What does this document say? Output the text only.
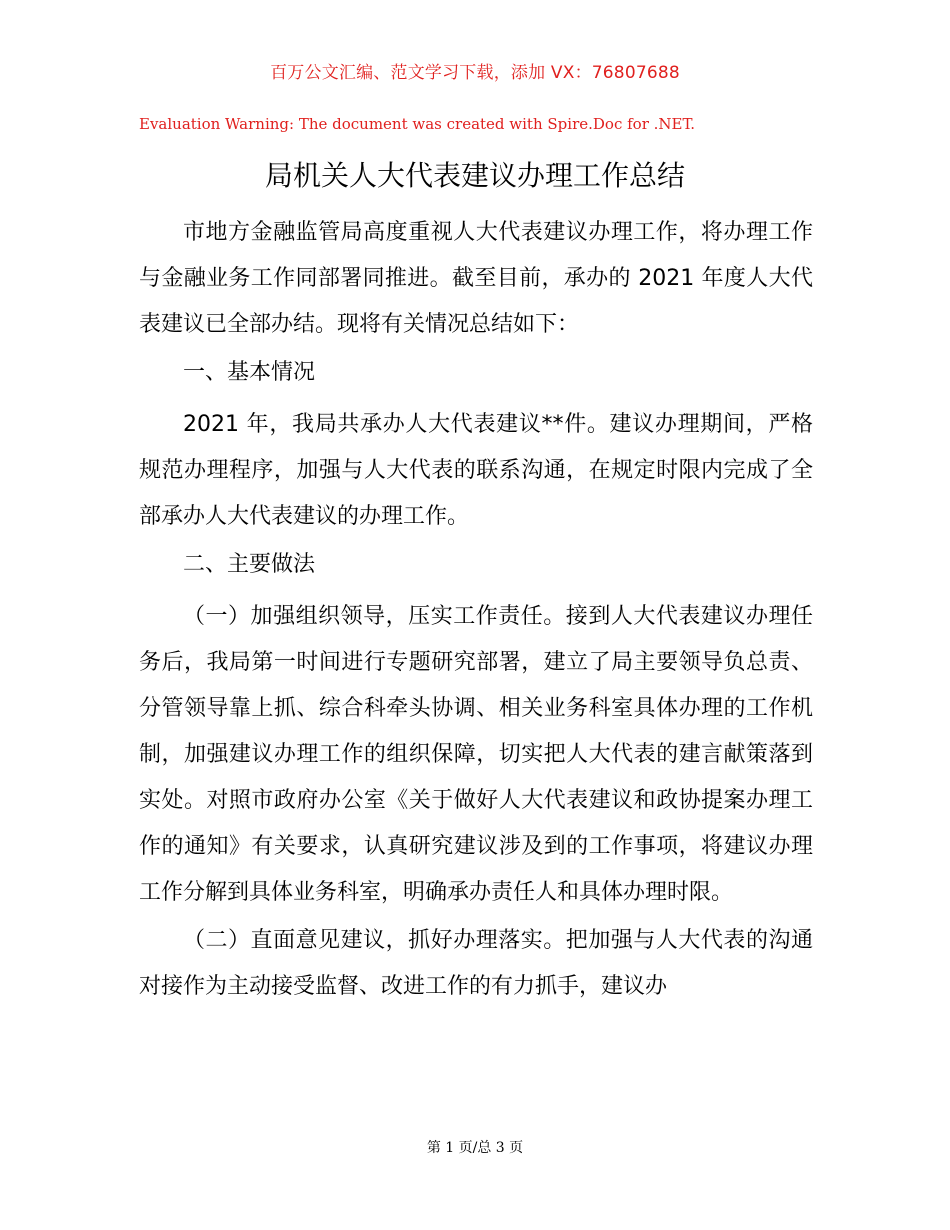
百万公文汇编、范文学习下载，添加 VX：76807688
Evaluation Warning: The document was created with Spire.Doc for .NET.
局机关人大代表建议办理工作总结

市地方金融监管局高度重视人大代表建议办理工作，将办理工作与金融业务工作同部署同推进。截至目前，承办的 2021 年度人大代表建议已全部办结。现将有关情况总结如下：

一、基本情况

2021 年，我局共承办人大代表建议**件。建议办理期间，严格规范办理程序，加强与人大代表的联系沟通，在规定时限内完成了全部承办人大代表建议的办理工作。

二、主要做法

（一）加强组织领导，压实工作责任。接到人大代表建议办理任务后，我局第一时间进行专题研究部署，建立了局主要领导负总责、分管领导靠上抓、综合科牵头协调、相关业务科室具体办理的工作机制，加强建议办理工作的组织保障，切实把人大代表的建言献策落到实处。对照市政府办公室《关于做好人大代表建议和政协提案办理工作的通知》有关要求，认真研究建议涉及到的工作事项，将建议办理工作分解到具体业务科室，明确承办责任人和具体办理时限。

（二）直面意见建议，抓好办理落实。把加强与人大代表的沟通对接作为主动接受监督、改进工作的有力抓手，建议办

第 1 页/总 3 页
